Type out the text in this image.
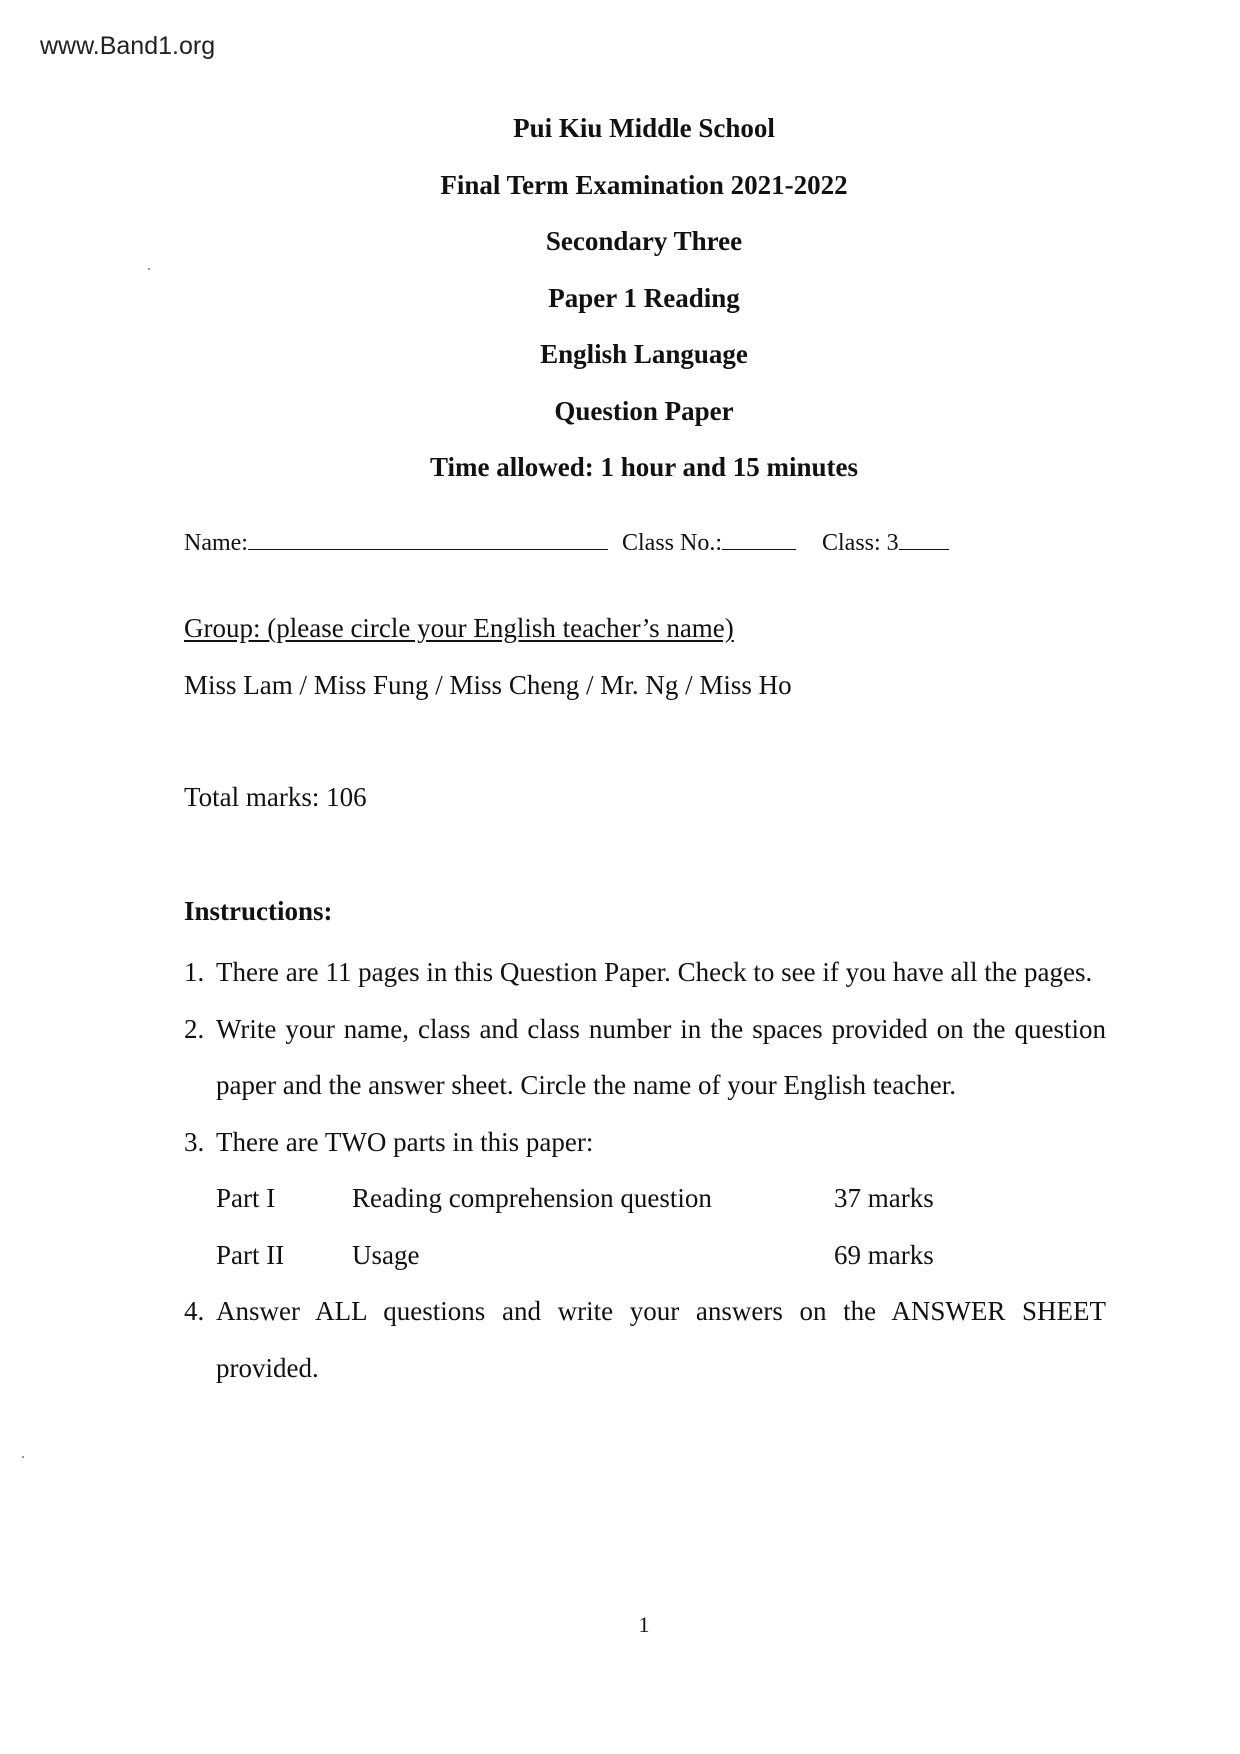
www.Band1.org
Pui Kiu Middle School
Final Term Examination 2021-2022
Secondary Three
Paper 1 Reading
English Language
Question Paper
Time allowed: 1 hour and 15 minutes
Name:	Class No.:	Class: 3
Group: (please circle your English teacher’s name)
Miss Lam / Miss Fung / Miss Cheng / Mr. Ng / Miss Ho
Total marks: 106
Instructions:
1. There are 11 pages in this Question Paper. Check to see if you have all the pages.
2. Write your name, class and class number in the spaces provided on the question paper and the answer sheet. Circle the name of your English teacher.
3. There are TWO parts in this paper:
Part I	Reading comprehension question	37 marks
Part II	Usage	69 marks
4. Answer ALL questions and write your answers on the ANSWER SHEET provided.
1
